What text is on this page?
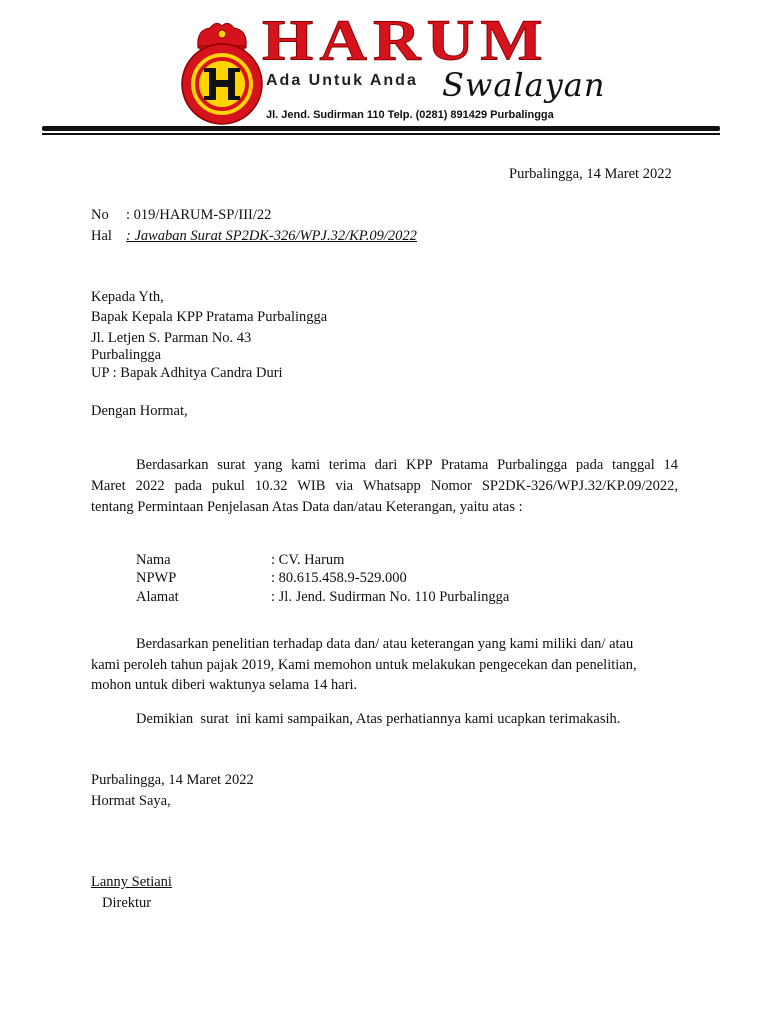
HARUM
Ada Untuk Anda Swalayan
Jl. Jend. Sudirman 110 Telp. (0281) 891429 Purbalingga
Purbalingga, 14 Maret 2022
No : 019/HARUM-SP/III/22
Hal : Jawaban Surat SP2DK-326/WPJ.32/KP.09/2022
Kepada Yth,
Bapak Kepala KPP Pratama Purbalingga
Jl. Letjen S. Parman No. 43
Purbalingga
UP : Bapak Adhitya Candra Duri
Dengan Hormat,
Berdasarkan surat yang kami terima dari KPP Pratama Purbalingga pada tanggal 14
Maret 2022 pada pukul 10.32 WIB via Whatsapp Nomor SP2DK-326/WPJ.32/KP.09/2022,
tentang Permintaan Penjelasan Atas Data dan/atau Keterangan, yaitu atas :
Nama	: CV. Harum
NPWP	: 80.615.458.9-529.000
Alamat	: Jl. Jend. Sudirman No. 110 Purbalingga
Berdasarkan penelitian terhadap data dan/ atau keterangan yang kami miliki dan/ atau
kami peroleh tahun pajak 2019, Kami memohon untuk melakukan pengecekan dan penelitian,
mohon untuk diberi waktunya selama 14 hari.
Demikian  surat  ini kami sampaikan, Atas perhatiannya kami ucapkan terimakasih.
Purbalingga, 14 Maret 2022
Hormat Saya,
Lanny Setiani
Direktur
